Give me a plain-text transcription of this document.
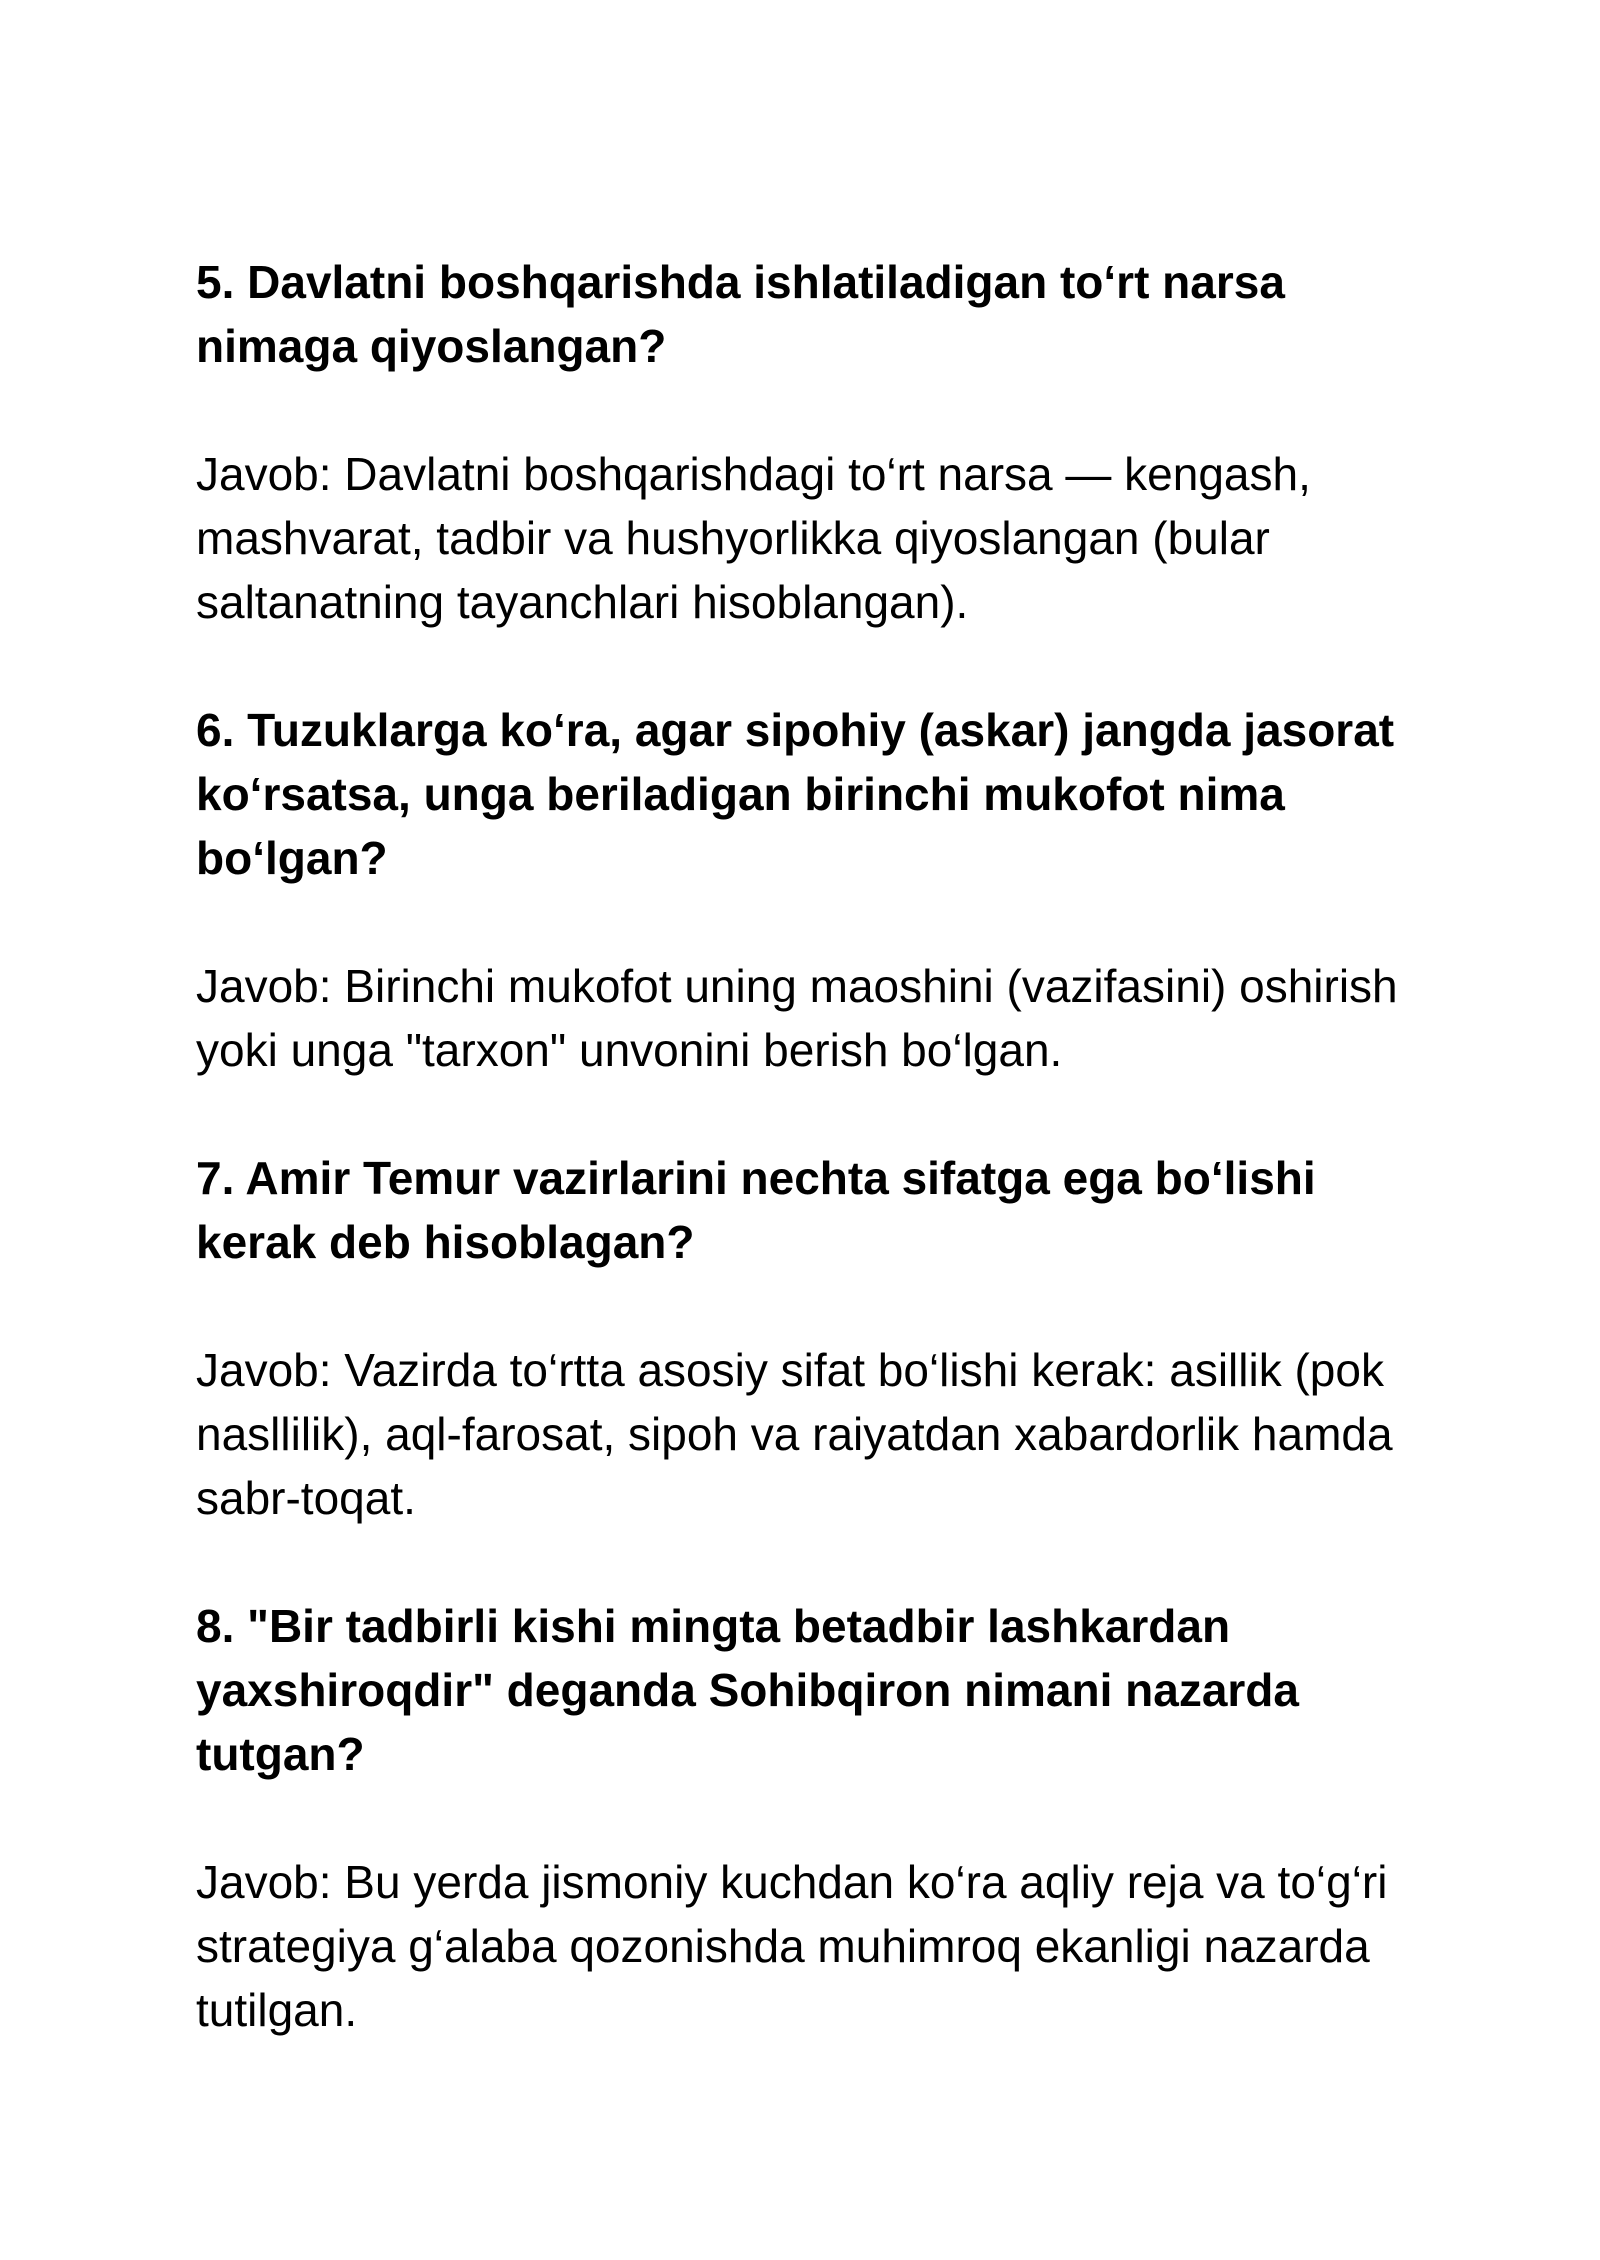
5. Davlatni boshqarishda ishlatiladigan to‘rt narsa nimaga qiyoslangan?

Javob: Davlatni boshqarishdagi to‘rt narsa — kengash, mashvarat, tadbir va hushyorlikka qiyoslangan (bular saltanatning tayanchlari hisoblangan).

6. Tuzuklarga ko‘ra, agar sipohiy (askar) jangda jasorat ko‘rsatsa, unga beriladigan birinchi mukofot nima bo‘lgan?

Javob: Birinchi mukofot uning maoshini (vazifasini) oshirish yoki unga "tarxon" unvonini berish bo‘lgan.

7. Amir Temur vazirlarini nechta sifatga ega bo‘lishi kerak deb hisoblagan?

Javob: Vazirda to‘rtta asosiy sifat bo‘lishi kerak: asillik (pok nasllilik), aql-farosat, sipoh va raiyatdan xabardorlik hamda sabr-toqat.

8. "Bir tadbirli kishi mingta betadbir lashkardan yaxshiroqdir" deganda Sohibqiron nimani nazarda tutgan?

Javob: Bu yerda jismoniy kuchdan ko‘ra aqliy reja va to‘g‘ri strategiya g‘alaba qozonishda muhimroq ekanligi nazarda tutilgan.
